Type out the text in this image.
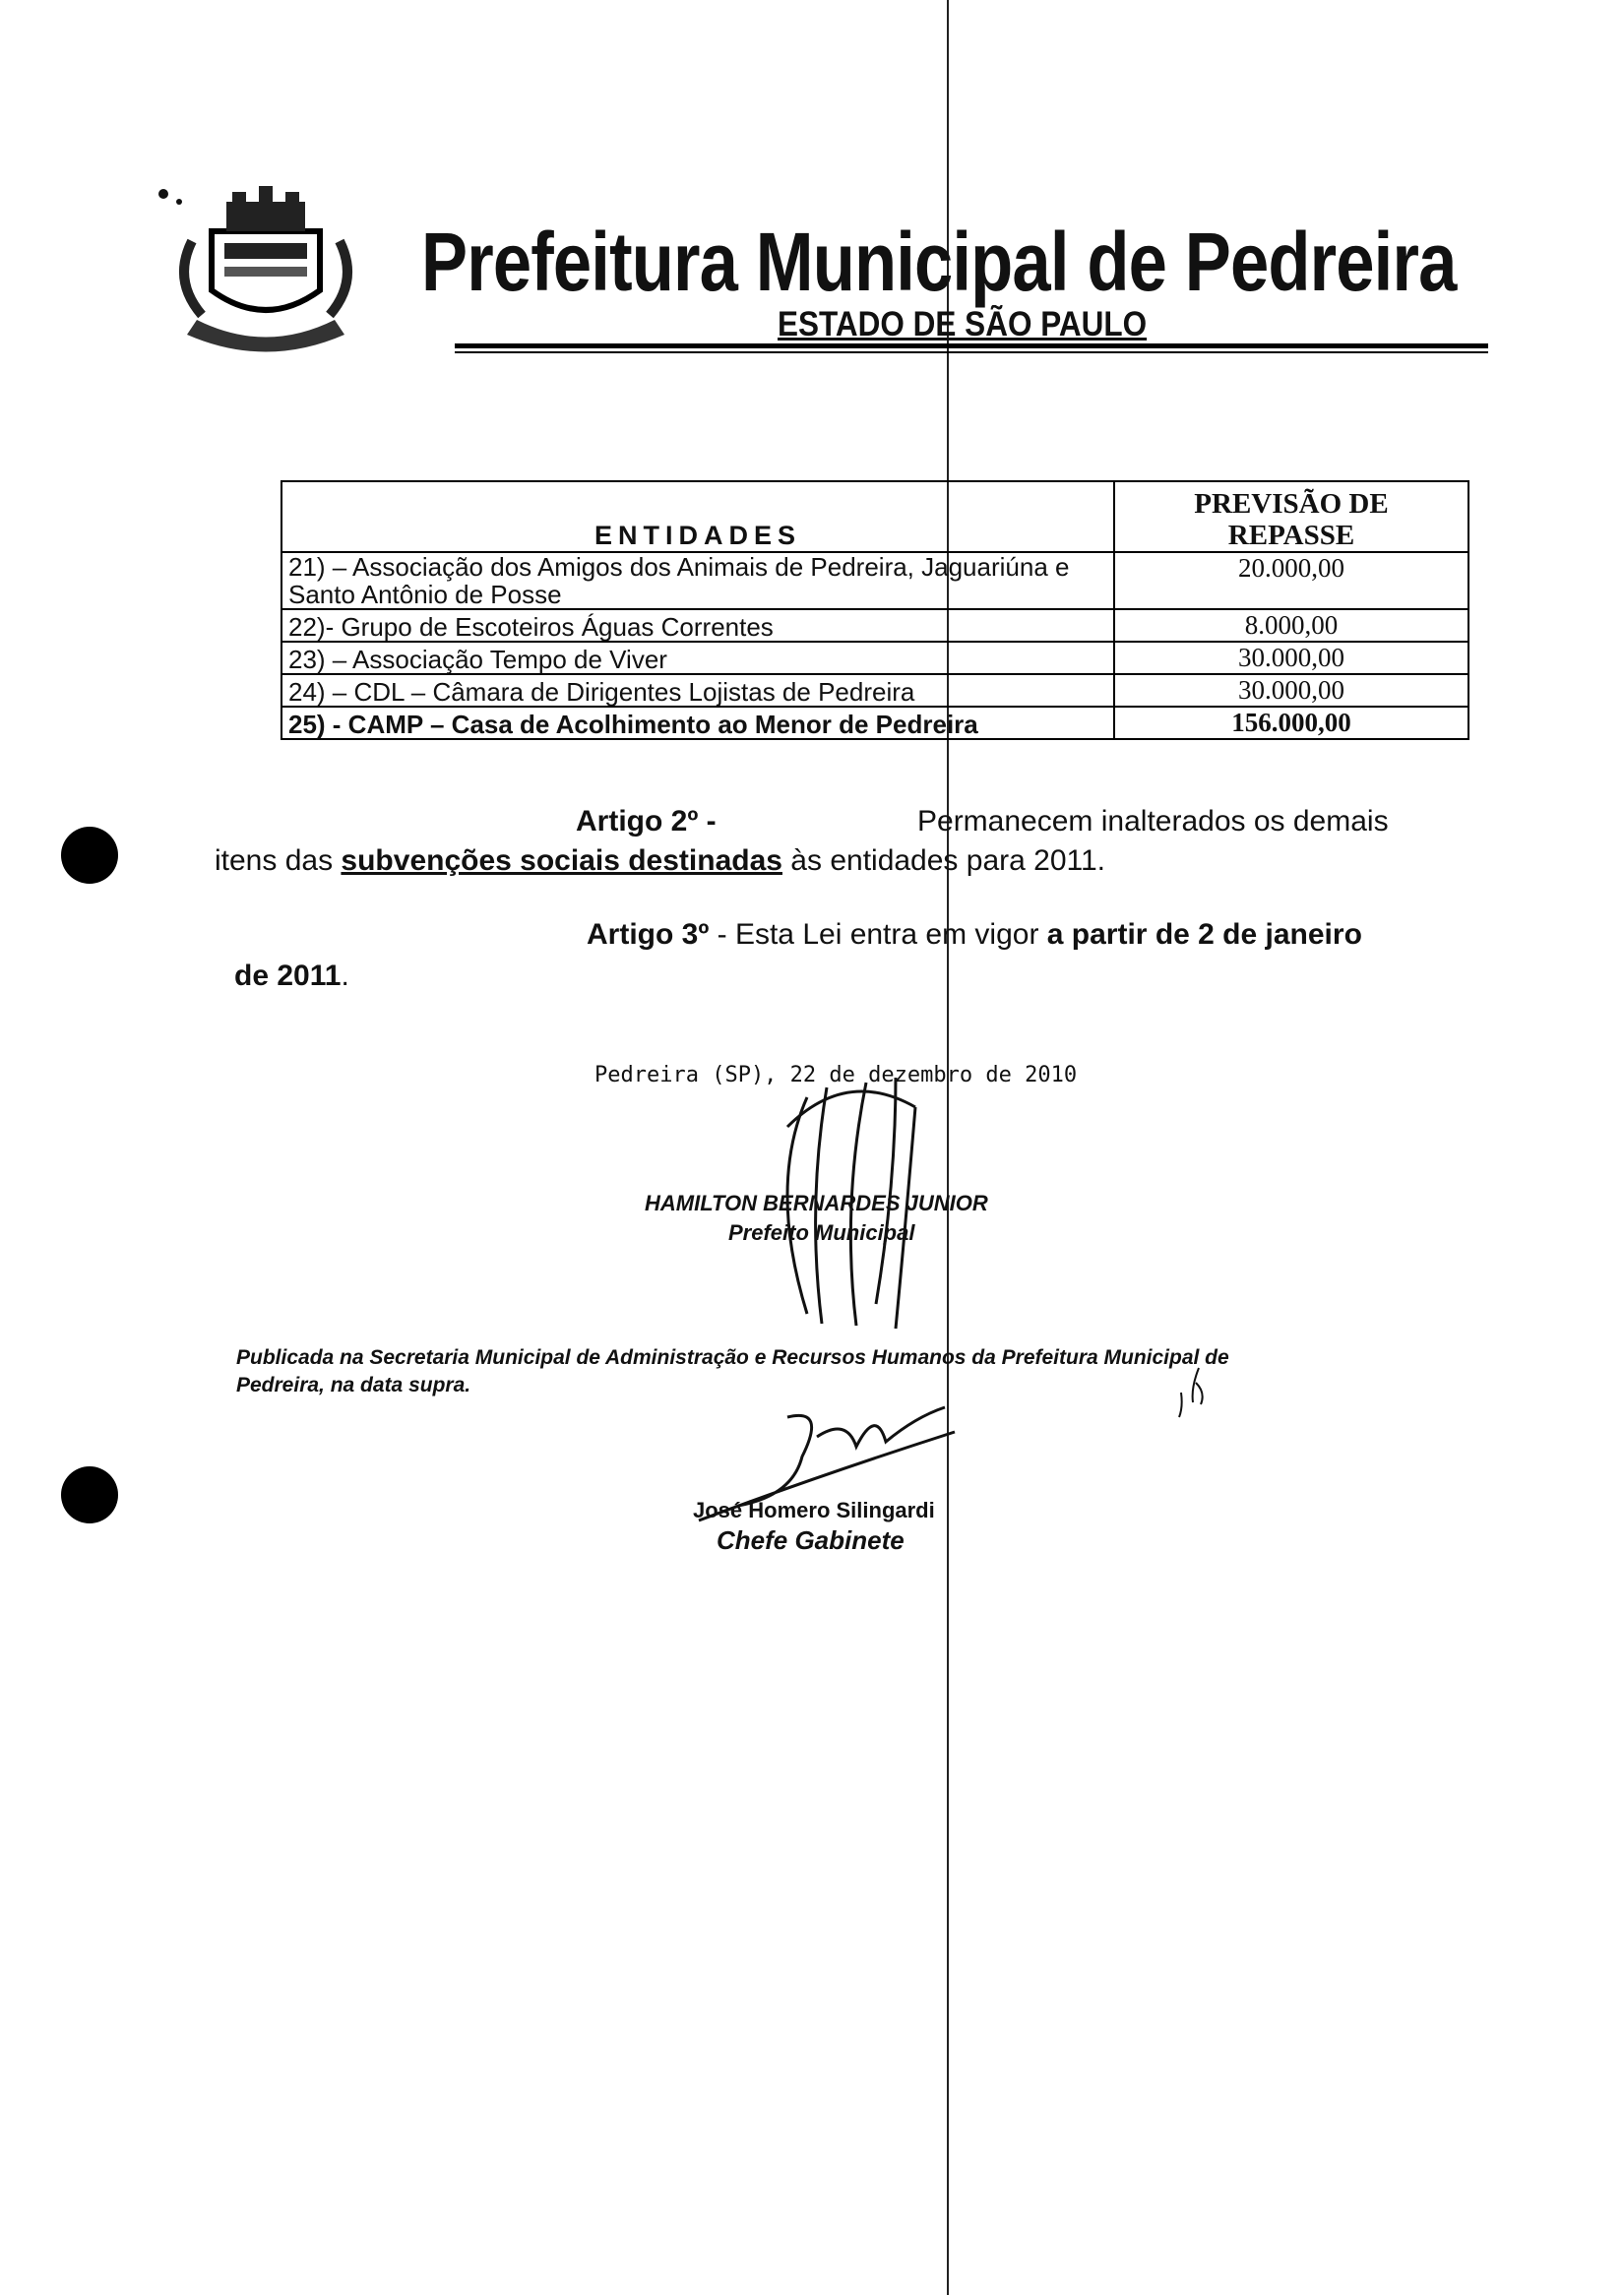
Prefeitura Municipal de Pedreira
ESTADO DE SÃO PAULO
ENTIDADES	PREVISÃO DE
REPASSE
21) – Associação dos Amigos dos Animais de Pedreira, Jaguariúna e Santo Antônio de Posse	20.000,00
22)- Grupo de Escoteiros Águas Correntes	8.000,00
23) – Associação Tempo de Viver	30.000,00
24) – CDL – Câmara de Dirigentes Lojistas de Pedreira	30.000,00
25) - CAMP – Casa de Acolhimento ao Menor de Pedreira	156.000,00
Artigo 2º -	Permanecem inalterados os demais
itens das subvenções sociais destinadas às entidades para 2011.
Artigo 3º - Esta Lei entra em vigor a partir de 2 de janeiro
de 2011.
Pedreira (SP), 22 de dezembro de 2010
HAMILTON BERNARDES JUNIOR
Prefeito Municipal
Publicada na Secretaria Municipal de Administração e Recursos Humanos da Prefeitura Municipal de
Pedreira, na data supra.
José Homero Silingardi
Chefe Gabinete
